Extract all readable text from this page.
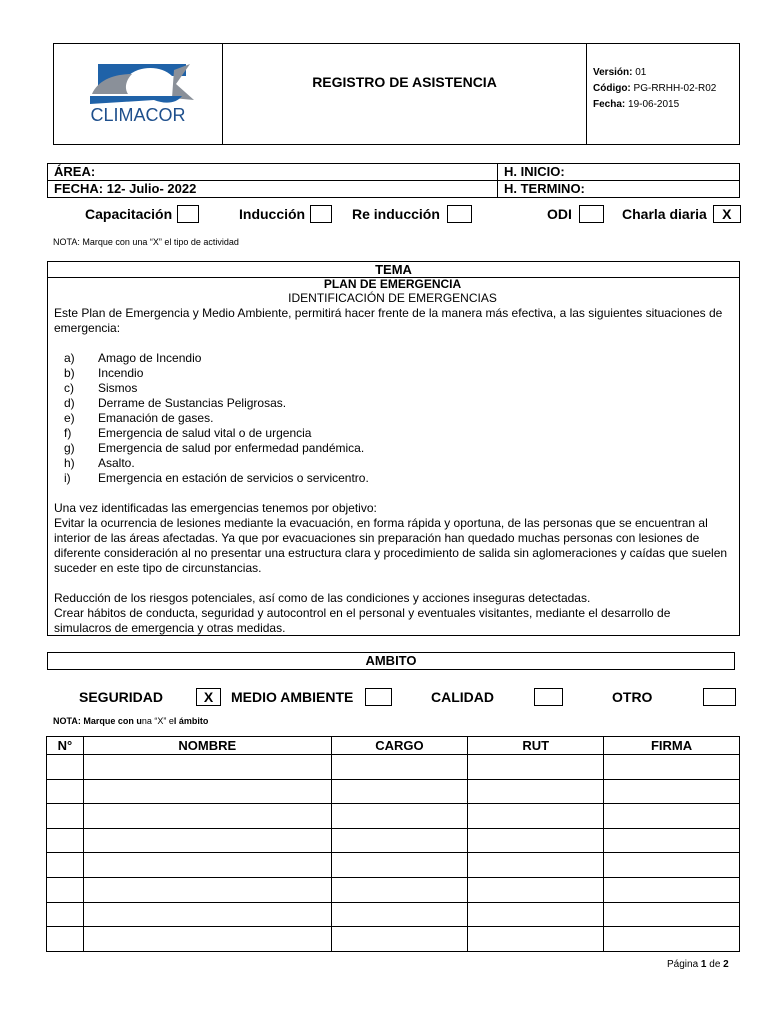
CLIMACOR
REGISTRO DE ASISTENCIA
Versión: 01
Código: PG-RRHH-02-R02
Fecha: 19-06-2015
ÁREA:	H. INICIO:
FECHA: 12- Julio- 2022	H. TERMINO:
Capacitación	Inducción	Re inducción	ODI	Charla diaria	X
NOTA: Marque con una “X” el tipo de actividad
TEMA
PLAN DE EMERGENCIA
IDENTIFICACIÓN DE EMERGENCIAS
Este Plan de Emergencia y Medio Ambiente, permitirá hacer frente de la manera más efectiva, a las siguientes situaciones de emergencia:
a)	Amago de Incendio
b)	Incendio
c)	Sismos
d)	Derrame de Sustancias Peligrosas.
e)	Emanación de gases.
f)	Emergencia de salud vital o de urgencia
g)	Emergencia de salud por enfermedad pandémica.
h)	Asalto.
i)	Emergencia en estación de servicios o servicentro.
Una vez identificadas las emergencias tenemos por objetivo:
Evitar la ocurrencia de lesiones mediante la evacuación, en forma rápida y oportuna, de las personas que se encuentran al interior de las áreas afectadas. Ya que por evacuaciones sin preparación han quedado muchas personas con lesiones de diferente consideración al no presentar una estructura clara y procedimiento de salida sin aglomeraciones y caídas que suelen suceder en este tipo de circunstancias.
Reducción de los riesgos potenciales, así como de las condiciones y acciones inseguras detectadas.
Crear hábitos de conducta, seguridad y autocontrol en el personal y eventuales visitantes, mediante el desarrollo de simulacros de emergencia y otras medidas.
AMBITO
SEGURIDAD	X	MEDIO AMBIENTE	CALIDAD	OTRO
NOTA: Marque con una “X” el ámbito
N°	NOMBRE	CARGO	RUT	FIRMA

Página 1 de 2
